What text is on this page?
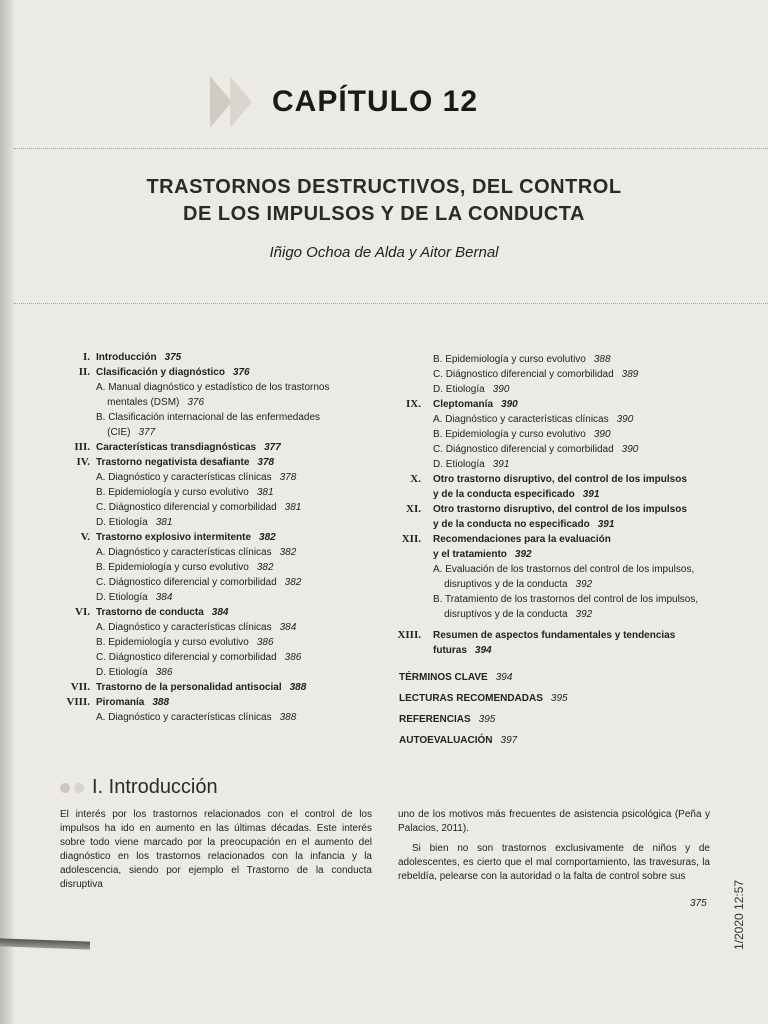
CAPÍTULO 12
TRASTORNOS DESTRUCTIVOS, DEL CONTROL
DE LOS IMPULSOS Y DE LA CONDUCTA
Iñigo Ochoa de Alda y Aitor Bernal
I. Introducción 375
II. Clasificación y diagnóstico 376
A. Manual diagnóstico y estadístico de los trastornos
mentales (DSM) 376
B. Clasificación internacional de las enfermedades
(CIE) 377
III. Características transdiagnósticas 377
IV. Trastorno negativista desafiante 378
A. Diagnóstico y características clínicas 378
B. Epidemiología y curso evolutivo 381
C. Diágnostico diferencial y comorbilidad 381
D. Etiología 381
V. Trastorno explosivo intermitente 382
A. Diagnóstico y características clínicas 382
B. Epidemiología y curso evolutivo 382
C. Diágnostico diferencial y comorbilidad 382
D. Etiología 384
VI. Trastorno de conducta 384
A. Diagnóstico y características clínicas 384
B. Epidemiología y curso evolutivo 386
C. Diágnostico diferencial y comorbilidad 386
D. Etiología 386
VII. Trastorno de la personalidad antisocial 388
VIII. Piromanía 388
A. Diagnóstico y características clínicas 388
B. Epidemiología y curso evolutivo 388
C. Diágnostico diferencial y comorbilidad 389
D. Etiología 390
IX. Cleptomanía 390
A. Diagnóstico y características clínicas 390
B. Epidemiología y curso evolutivo 390
C. Diágnostico diferencial y comorbilidad 390
D. Etiología 391
X. Otro trastorno disruptivo, del control de los impulsos
y de la conducta especificado 391
XI. Otro trastorno disruptivo, del control de los impulsos
y de la conducta no especificado 391
XII. Recomendaciones para la evaluación
y el tratamiento 392
A. Evaluación de los trastornos del control de los impulsos,
disruptivos y de la conducta 392
B. Tratamiento de los trastornos del control de los impulsos,
disruptivos y de la conducta 392
XIII. Resumen de aspectos fundamentales y tendencias
futuras 394
TÉRMINOS CLAVE 394
LECTURAS RECOMENDADAS 395
REFERENCIAS 395
AUTOEVALUACIÓN 397
I. Introducción

El interés por los trastornos relacionados con el control de los impulsos ha ido en aumento en las últimas décadas. Este interés sobre todo viene marcado por la preocupación en el aumento del diagnóstico en los trastornos relacionados con la infancia y la adolescencia, siendo por ejemplo el Trastorno de la conducta disruptiva

uno de los motivos más frecuentes de asistencia psicológica (Peña y Palacios, 2011).

Si bien no son trastornos exclusivamente de niños y de adolescentes, es cierto que el mal comportamiento, las travesuras, la rebeldía, pelearse con la autoridad o la falta de control sobre sus

375 1/2020 12:57
